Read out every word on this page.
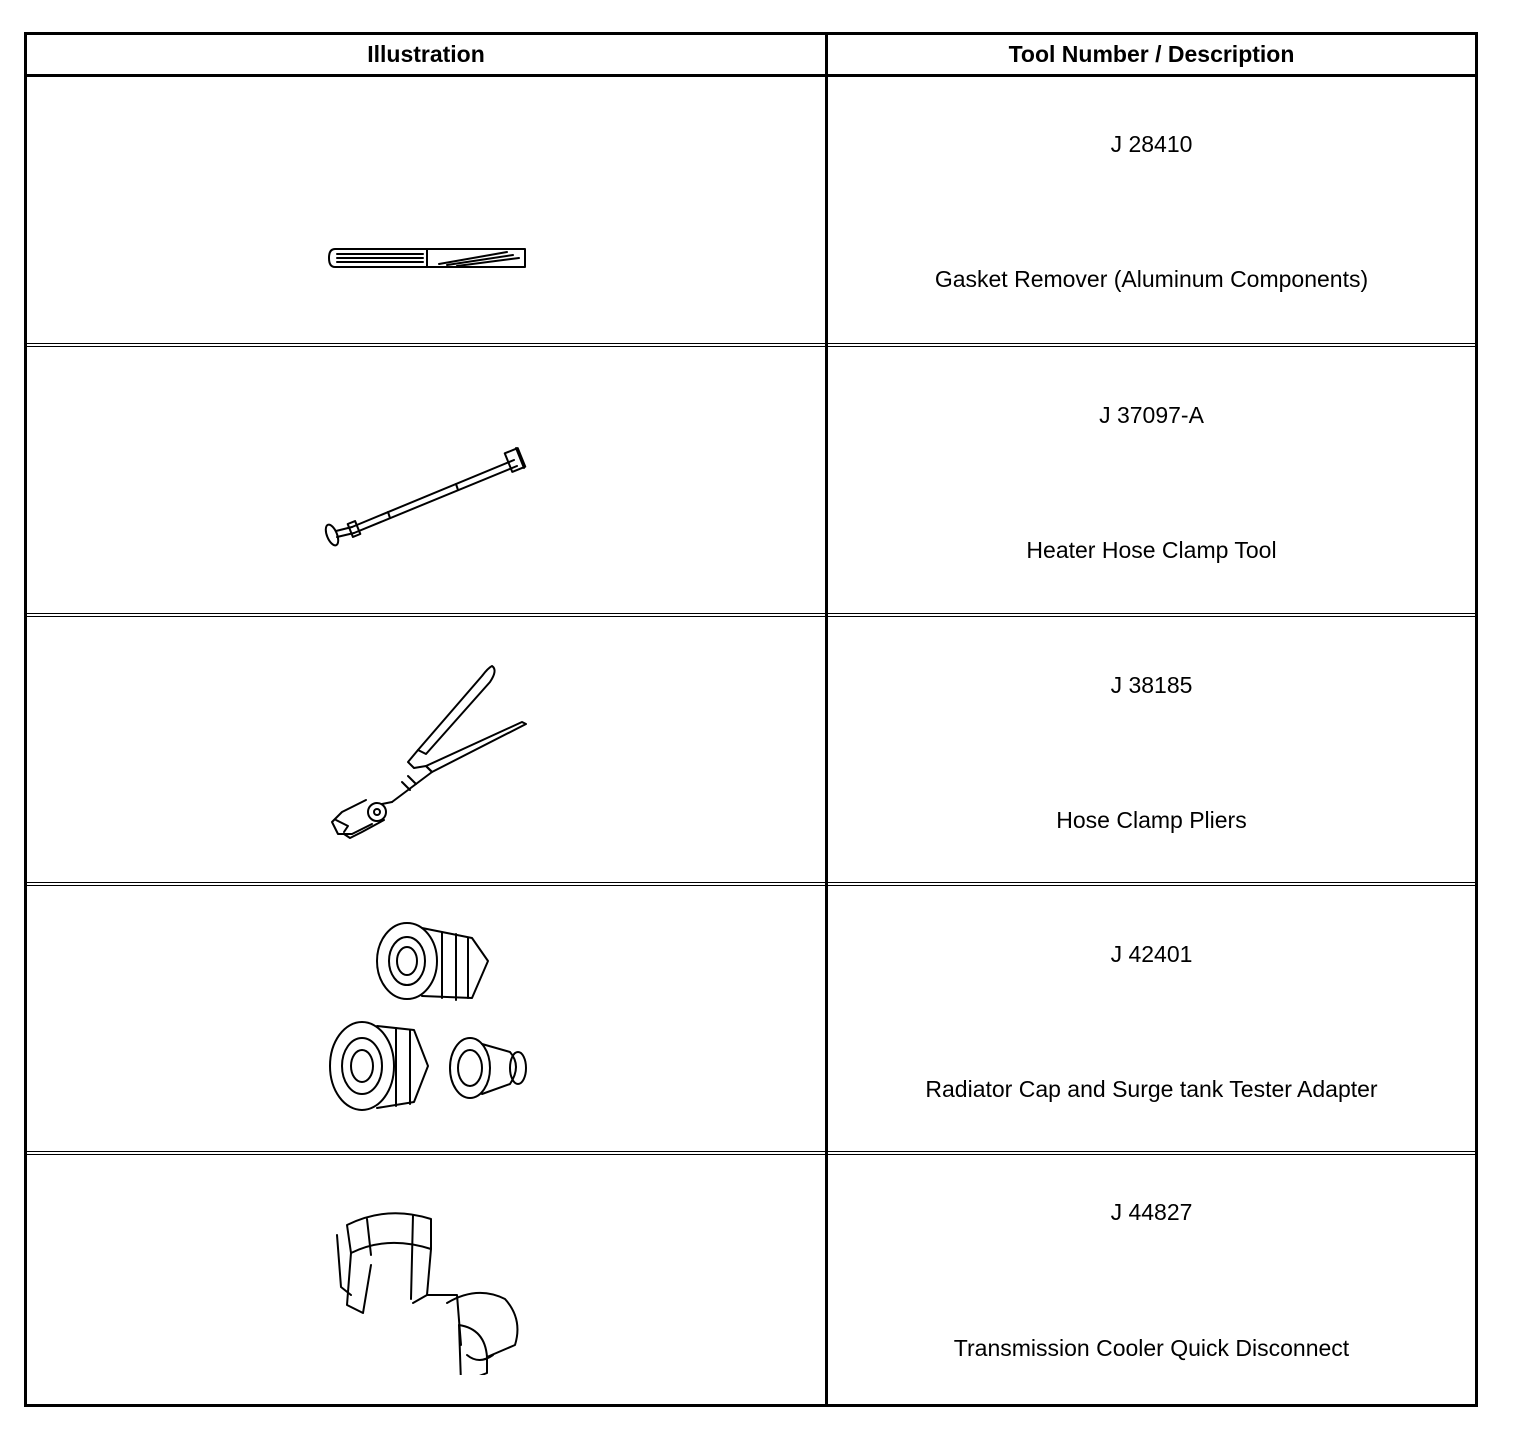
Illustration	Tool Number / Description
J 28410
Gasket Remover (Aluminum Components)
J 37097-A
Heater Hose Clamp Tool
J 38185
Hose Clamp Pliers
J 42401
Radiator Cap and Surge tank Tester Adapter
J 44827
Transmission Cooler Quick Disconnect
